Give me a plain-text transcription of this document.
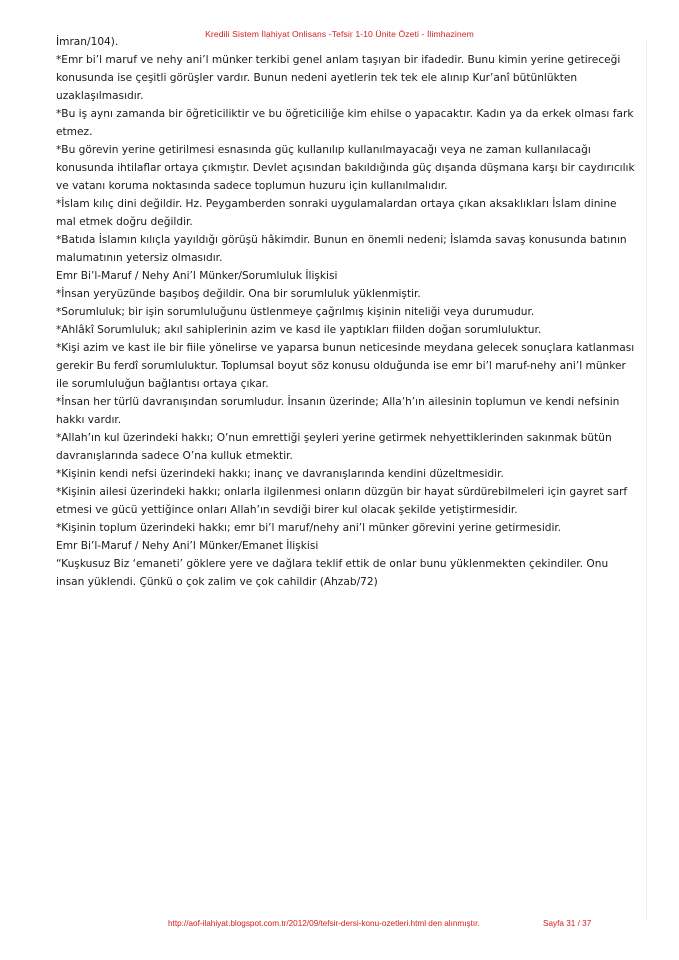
Kredili Sistem İlahiyat Onlisans -Tefsir 1-10 Ünite Özeti - İlimhazinem

İmran/104).

*Emr bi’l maruf ve nehy ani’l münker terkibi genel anlam taşıyan bir ifadedir. Bunu kimin yerine getireceği konusunda ise çeşitli görüşler vardır. Bunun nedeni ayetlerin tek tek ele alınıp Kur’anî bütünlükten uzaklaşılmasıdır.

*Bu iş aynı zamanda bir öğreticiliktir ve bu öğreticiliğe kim ehilse o yapacaktır. Kadın ya da erkek olması fark etmez.

*Bu görevin yerine getirilmesi esnasında güç kullanılıp kullanılmayacağı veya ne zaman kullanılacağı konusunda ihtilaflar ortaya çıkmıştır. Devlet açısından bakıldığında güç dışanda düşmana karşı bir caydırıcılık ve vatanı koruma noktasında sadece toplumun huzuru için kullanılmalıdır.

*İslam kılıç dini değildir. Hz. Peygamberden sonraki uygulamalardan ortaya çıkan aksaklıkları İslam dinine mal etmek doğru değildir.

*Batıda İslamın kılıçla yayıldığı görüşü hâkimdir. Bunun en önemli nedeni; İslamda savaş konusunda batının malumatının yetersiz olmasıdır.

Emr Bi’l-Maruf / Nehy Ani’l Münker/Sorumluluk İlişkisi

*İnsan yeryüzünde başıboş değildir. Ona bir sorumluluk yüklenmiştir.

*Sorumluluk; bir işin sorumluluğunu üstlenmeye çağrılmış kişinin niteliği veya durumudur.

*Ahlâkî Sorumluluk; akıl sahiplerinin azim ve kasd ile yaptıkları fiilden doğan sorumluluktur.

*Kişi azim ve kast ile bir fiile yönelirse ve yaparsa bunun neticesinde meydana gelecek sonuçlara katlanması gerekir Bu ferdî sorumluluktur. Toplumsal boyut söz konusu olduğunda ise emr bi’l maruf-nehy ani’l münker ile sorumluluğun bağlantısı ortaya çıkar.

*İnsan her türlü davranışından sorumludur. İnsanın üzerinde; Alla’h’ın ailesinin toplumun ve kendi nefsinin hakkı vardır.

*Allah’ın kul üzerindeki hakkı; O’nun emrettiği şeyleri yerine getirmek nehyettiklerinden sakınmak bütün davranışlarında sadece O’na kulluk etmektir.

*Kişinin kendi nefsi üzerindeki hakkı; inanç ve davranışlarında kendini düzeltmesidir.

*Kişinin ailesi üzerindeki hakkı; onlarla ilgilenmesi onların düzgün bir hayat sürdürebilmeleri için gayret sarf etmesi ve gücü yettiğince onları Allah’ın sevdiği birer kul olacak şekilde yetiştirmesidir.

*Kişinin toplum üzerindeki hakkı; emr bi’l maruf/nehy ani’l münker görevini yerine getirmesidir.

Emr Bi’l-Maruf / Nehy Ani’l Münker/Emanet İlişkisi

“Kuşkusuz Biz ‘emaneti’ göklere yere ve dağlara teklif ettik de onlar bunu yüklenmekten çekindiler. Onu insan yüklendi. Çünkü o çok zalim ve çok cahildir (Ahzab/72)

http://aof-ilahiyat.blogspot.com.tr/2012/09/tefsir-dersi-konu-ozetleri.html den alınmıştır.	Sayfa 31 / 37
